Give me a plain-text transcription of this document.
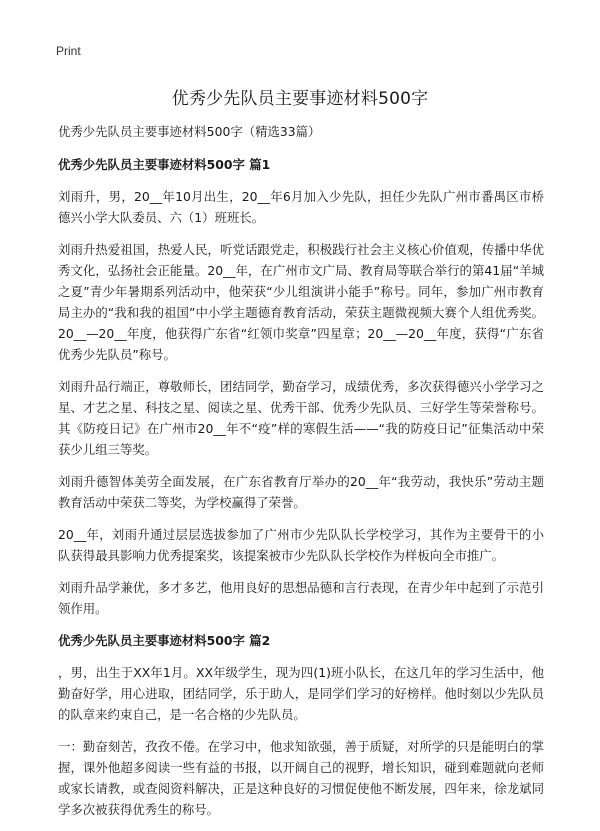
Print
优秀少先队员主要事迹材料500字

优秀少先队员主要事迹材料500字（精选33篇）

优秀少先队员主要事迹材料500字 篇1

刘雨升，男，20__年10月出生，20__年6月加入少先队，担任少先队广州市番禺区市桥德兴小学大队委员、六（1）班班长。

刘雨升热爱祖国，热爱人民，听党话跟党走，积极践行社会主义核心价值观，传播中华优秀文化，弘扬社会正能量。20__年，在广州市文广局、教育局等联合举行的第41届“羊城之夏”青少年暑期系列活动中，他荣获“少儿组演讲小能手”称号。同年，参加广州市教育局主办的“我和我的祖国”中小学主题德育教育活动，荣获主题微视频大赛个人组优秀奖。20__—20__年度，他获得广东省“红领巾奖章”四星章；20__—20__年度，获得“广东省优秀少先队员”称号。

刘雨升品行端正，尊敬师长，团结同学，勤奋学习，成绩优秀，多次获得德兴小学学习之星、才艺之星、科技之星、阅读之星、优秀干部、优秀少先队员、三好学生等荣誉称号。其《防疫日记》在广州市20__年不“疫”样的寒假生活——“我的防疫日记”征集活动中荣获少儿组三等奖。

刘雨升德智体美劳全面发展，在广东省教育厅举办的20__年“我劳动，我快乐”劳动主题教育活动中荣获二等奖，为学校赢得了荣誉。

20__年，刘雨升通过层层选拔参加了广州市少先队队长学校学习，其作为主要骨干的小队获得最具影响力优秀提案奖，该提案被市少先队队长学校作为样板向全市推广。

刘雨升品学兼优，多才多艺，他用良好的思想品德和言行表现，在青少年中起到了示范引领作用。

优秀少先队员主要事迹材料500字 篇2

，男，出生于XX年1月。XX年级学生，现为四(1)班小队长，在这几年的学习生活中，他勤奋好学，用心进取，团结同学，乐于助人，是同学们学习的好榜样。他时刻以少先队员的队章来约束自己，是一名合格的少先队员。

一：勤奋刻苦，孜孜不倦。在学习中，他求知欲强，善于质疑，对所学的只是能明白的掌握，课外他超多阅读一些有益的书报，以开阔自己的视野，增长知识，碰到难题就向老师或家长请教，或查阅资料解决，正是这种良好的习惯促使他不断发展，四年来，徐龙斌同学多次被获得优秀生的称号。
